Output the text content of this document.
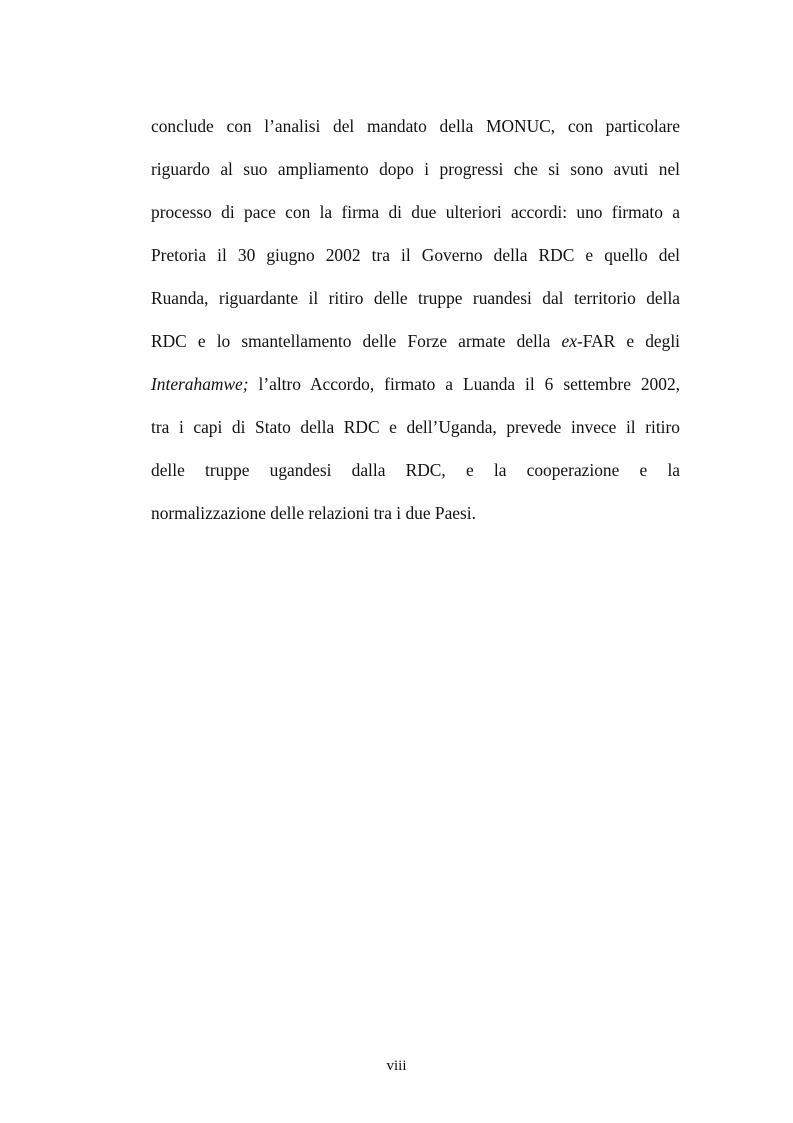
conclude con l’analisi del mandato della MONUC, con particolare
riguardo al suo ampliamento dopo i progressi che si sono avuti nel
processo di pace con la firma di due ulteriori accordi: uno firmato a
Pretoria il 30 giugno 2002 tra il Governo della RDC e quello del
Ruanda, riguardante il ritiro delle truppe ruandesi dal territorio della
RDC e lo smantellamento delle Forze armate della ex-FAR e degli
Interahamwe; l’altro Accordo, firmato a Luanda il 6 settembre 2002,
tra i capi di Stato della RDC e dell’Uganda, prevede invece il ritiro
delle truppe ugandesi dalla RDC, e la cooperazione e la
normalizzazione delle relazioni tra i due Paesi.
viii
